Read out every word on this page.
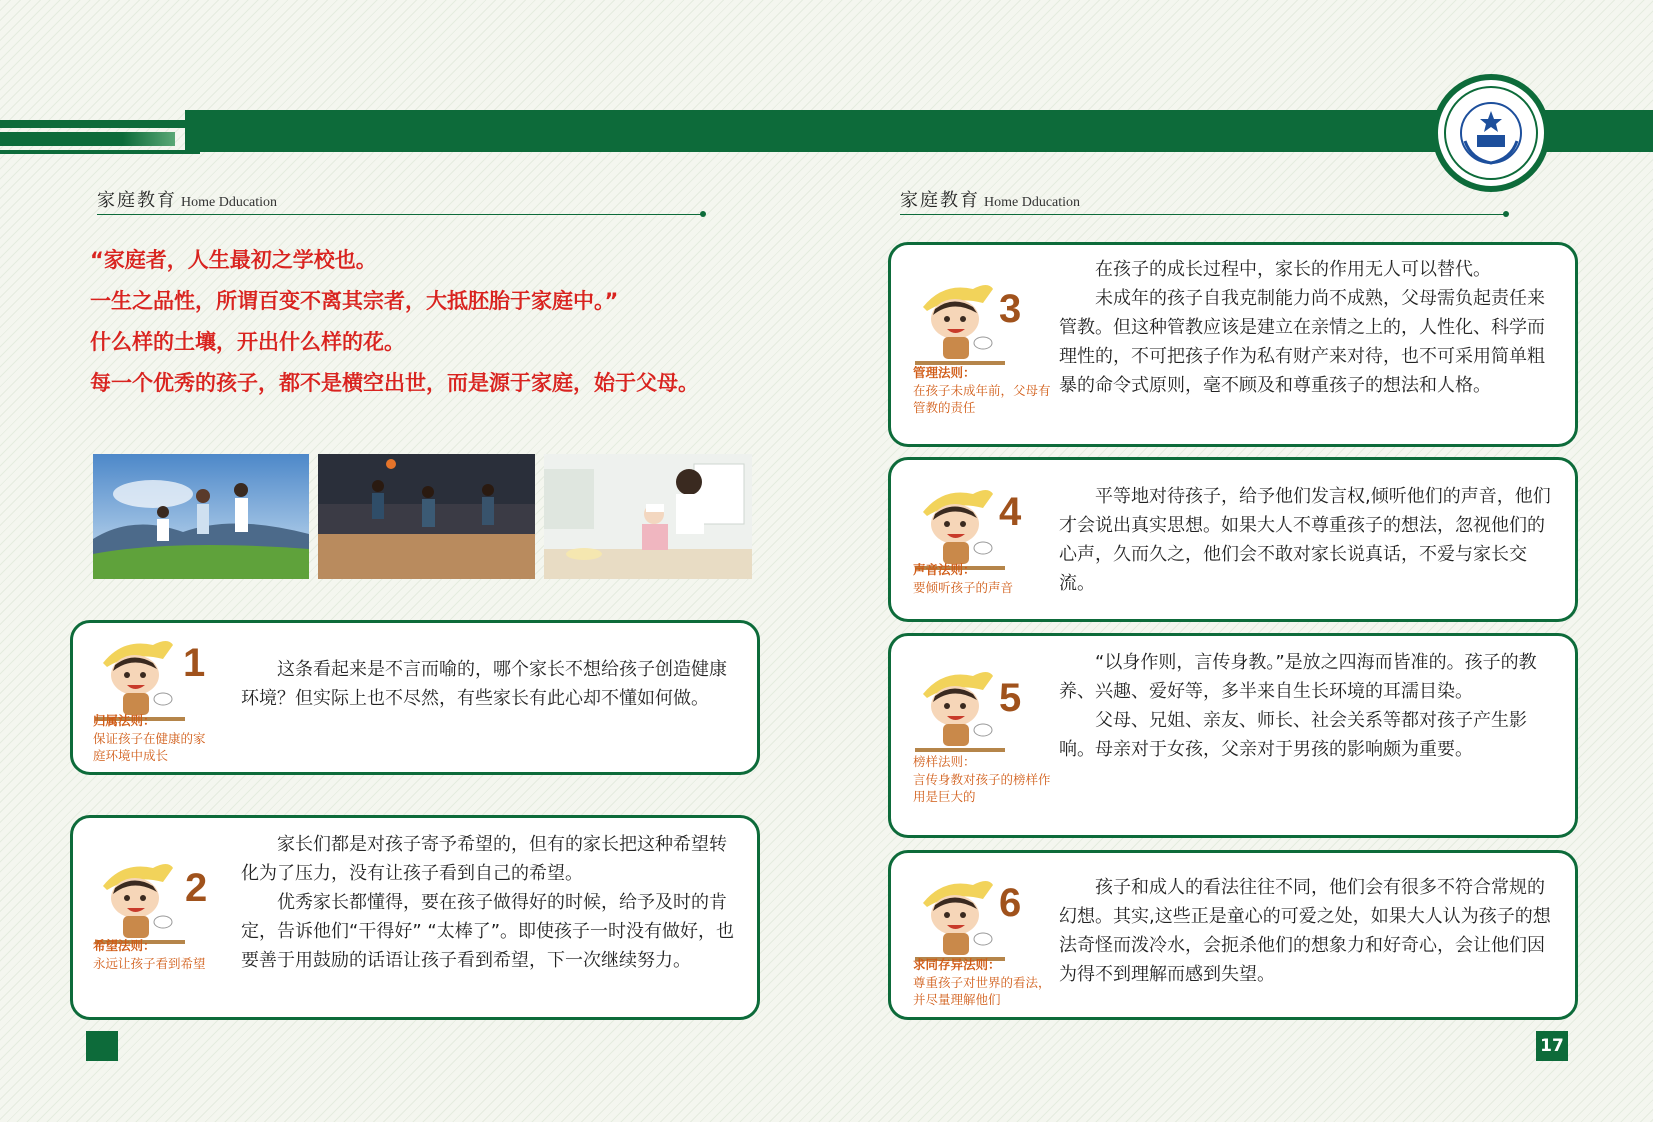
家庭教育 Home Dducation	家庭教育 Home Dducation

“家庭者，人生最初之学校也。

一生之品性，所谓百变不离其宗者，大抵胚胎于家庭中。”

什么样的土壤，开出什么样的花。

每一个优秀的孩子，都不是横空出世，而是源于家庭，始于父母。

1
归属法则：
保证孩子在健康的家庭环境中成长

这条看起来是不言而喻的，哪个家长不想给孩子创造健康环境？但实际上也不尽然，有些家长有此心却不懂如何做。

2
希望法则：
永远让孩子看到希望

家长们都是对孩子寄予希望的，但有的家长把这种希望转化为了压力，没有让孩子看到自己的希望。

优秀家长都懂得，要在孩子做得好的时候，给予及时的肯定，告诉他们“干得好” “太棒了”。即使孩子一时没有做好，也要善于用鼓励的话语让孩子看到希望，下一次继续努力。

3
管理法则：
在孩子未成年前，父母有管教的责任

在孩子的成长过程中，家长的作用无人可以替代。

未成年的孩子自我克制能力尚不成熟，父母需负起责任来管教。但这种管教应该是建立在亲情之上的，人性化、科学而理性的，不可把孩子作为私有财产来对待，也不可采用简单粗暴的命令式原则，毫不顾及和尊重孩子的想法和人格。

4
声音法则：
要倾听孩子的声音

平等地对待孩子，给予他们发言权,倾听他们的声音，他们才会说出真实思想。如果大人不尊重孩子的想法，忽视他们的心声，久而久之，他们会不敢对家长说真话，不爱与家长交流。

5
榜样法则：
言传身教对孩子的榜样作用是巨大的

“以身作则，言传身教。”是放之四海而皆准的。孩子的教养、兴趣、爱好等，多半来自生长环境的耳濡目染。

父母、兄姐、亲友、师长、社会关系等都对孩子产生影响。母亲对于女孩，父亲对于男孩的影响颇为重要。

6
求同存异法则：
尊重孩子对世界的看法，并尽量理解他们

孩子和成人的看法往往不同，他们会有很多不符合常规的幻想。其实,这些正是童心的可爱之处，如果大人认为孩子的想法奇怪而泼冷水，会扼杀他们的想象力和好奇心，会让他们因为得不到理解而感到失望。

17
